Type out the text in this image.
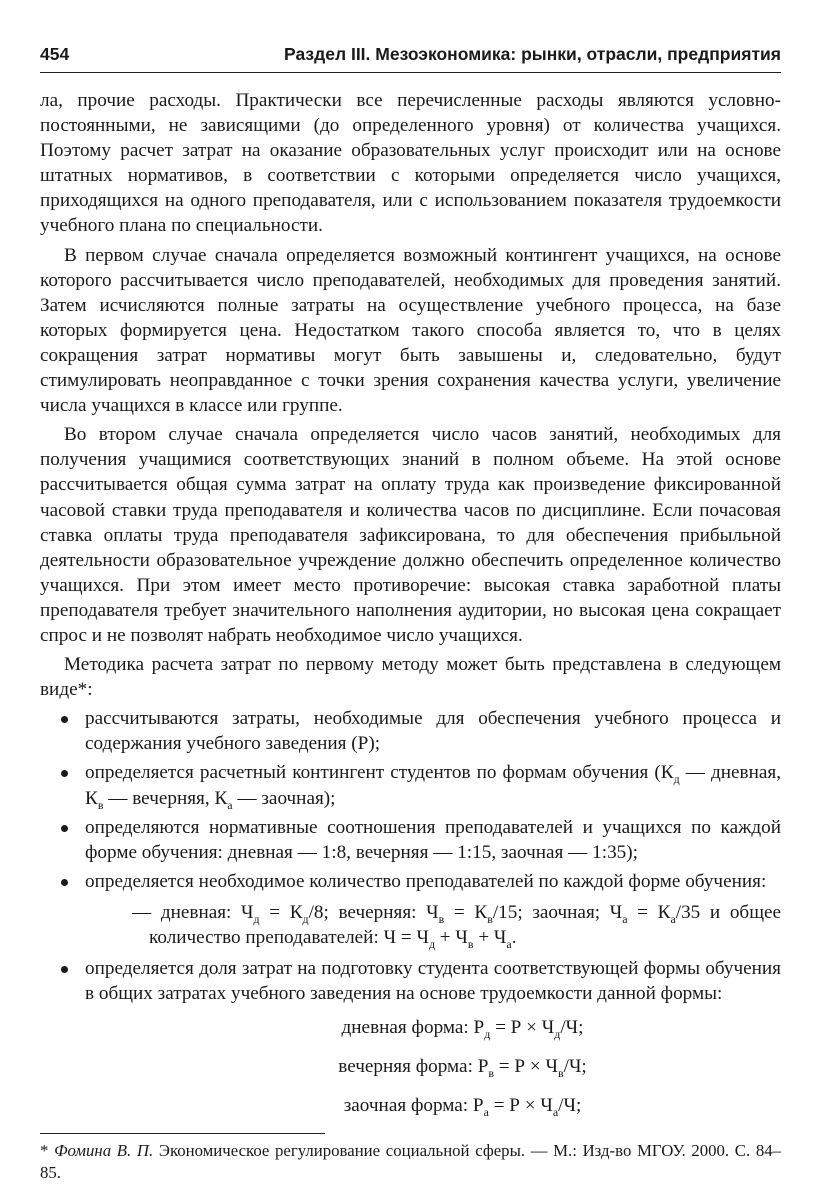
454	Раздел III. Мезоэкономика: рынки, отрасли, предприятия

ла, прочие расходы. Практически все перечисленные расходы являются условно-постоянными, не зависящими (до определенного уровня) от количества учащихся. Поэтому расчет затрат на оказание образовательных услуг происходит или на основе штатных нормативов, в соответствии с которыми определяется число учащихся, приходящихся на одного преподавателя, или с использованием показателя трудоемкости учебного плана по специальности.

В первом случае сначала определяется возможный контингент учащихся, на основе которого рассчитывается число преподавателей, необходимых для проведения занятий. Затем исчисляются полные затраты на осуществление учебного процесса, на базе которых формируется цена. Недостатком такого способа является то, что в целях сокращения затрат нормативы могут быть завышены и, следовательно, будут стимулировать неоправданное с точки зрения сохранения качества услуги, увеличение числа учащихся в классе или группе.

Во втором случае сначала определяется число часов занятий, необходимых для получения учащимися соответствующих знаний в полном объеме. На этой основе рассчитывается общая сумма затрат на оплату труда как произведение фиксированной часовой ставки труда преподавателя и количества часов по дисциплине. Если почасовая ставка оплаты труда преподавателя зафиксирована, то для обеспечения прибыльной деятельности образовательное учреждение должно обеспечить определенное количество учащихся. При этом имеет место противоречие: высокая ставка заработной платы преподавателя требует значительного наполнения аудитории, но высокая цена сокращает спрос и не позволят набрать необходимое число учащихся.

Методика расчета затрат по первому методу может быть представлена в следующем виде*:

рассчитываются затраты, необходимые для обеспечения учебного процесса и содержания учебного заведения (Р);
определяется расчетный контингент студентов по формам обучения ($К_д$ — дневная, $К_в$ — вечерняя, $К_а$ — заочная);
определяются нормативные соотношения преподавателей и учащихся по каждой форме обучения: дневная — 1:8, вечерняя — 1:15, заочная — 1:35);
определяется необходимое количество преподавателей по каждой форме обучения:
— дневная: $Ч_д = К_д/8$; вечерняя: $Ч_в = К_в/15$; заочная; $Ч_а = К_а/35$ и общее количество преподавателей: $Ч = Ч_д + Ч_в + Ч_а$.
определяется доля затрат на подготовку студента соответствующей формы обучения в общих затратах учебного заведения на основе трудоемкости данной формы:

дневная форма: $Р_д = Р \times Ч_д/Ч$;

вечерняя форма: $Р_в = Р \times Ч_в/Ч$;

заочная форма: $Р_а = Р \times Ч_а/Ч$;

* Фомина В. П. Экономическое регулирование социальной сферы. — М.: Изд-во МГОУ. 2000. С. 84–85.
